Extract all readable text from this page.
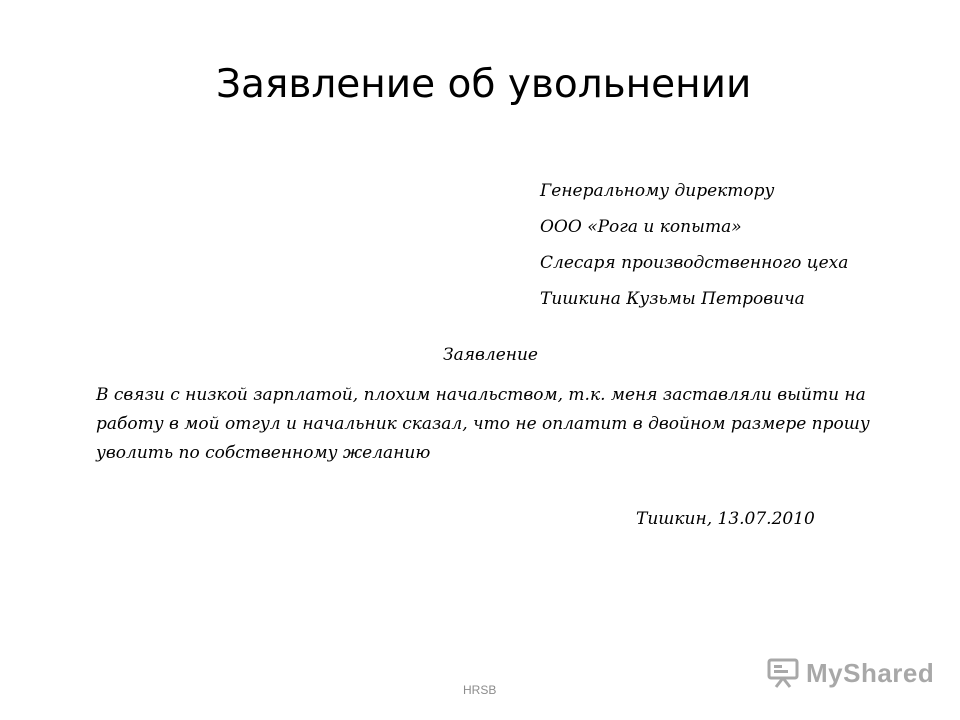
Заявление об увольнении
Генеральному директору
ООО «Рога и копыта»
Слесаря производственного цеха
Тишкина Кузьмы Петровича
Заявление
В связи с низкой зарплатой, плохим начальством, т.к. меня заставляли выйти на
работу в мой отгул и начальник сказал, что не оплатит в двойном размере прошу
уволить по собственному желанию
Тишкин, 13.07.2010
HRSB
MyShared
